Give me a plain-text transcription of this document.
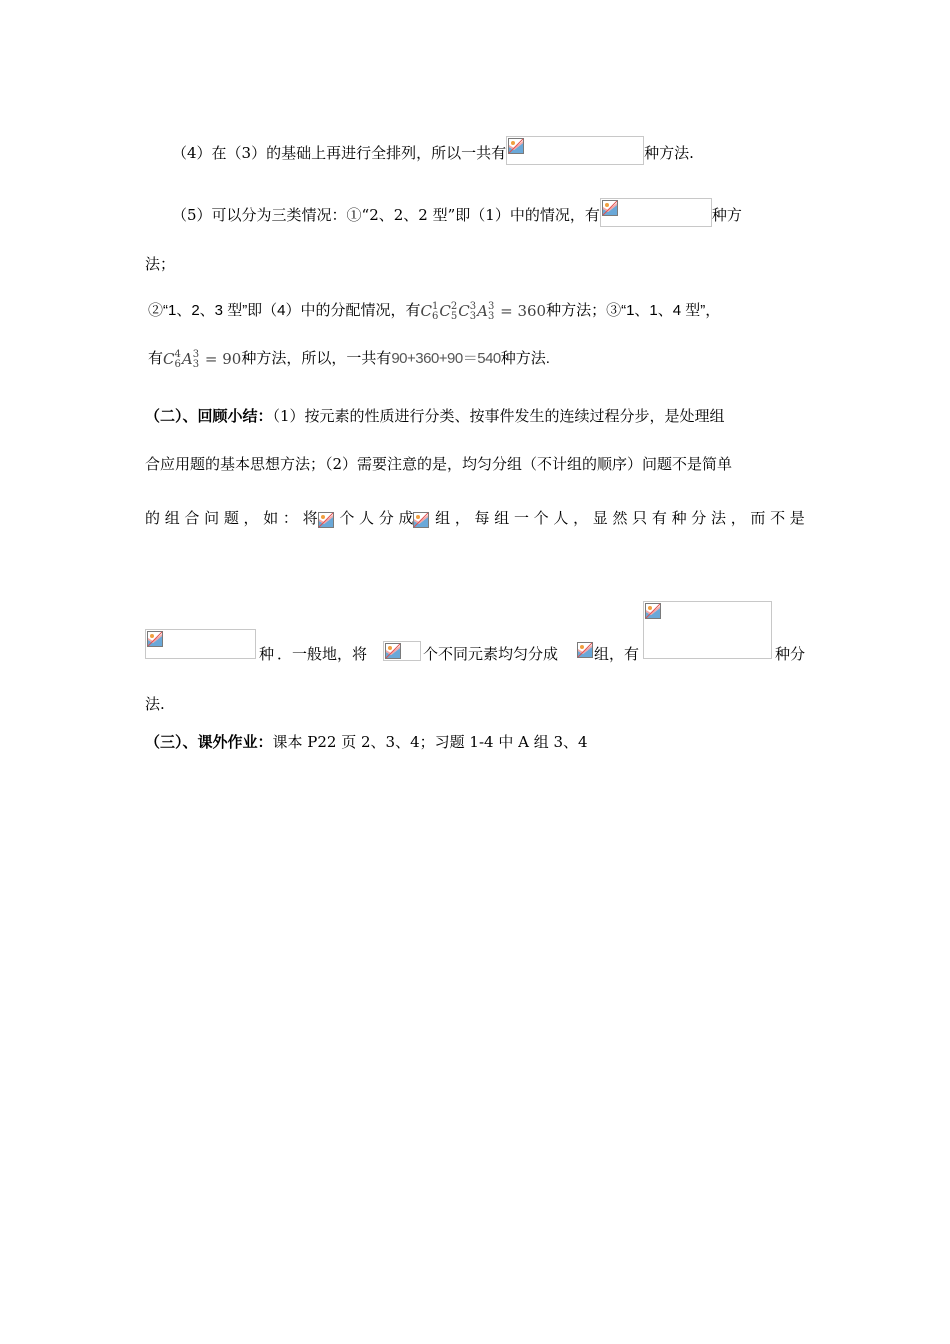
（4）在（3）的基础上再进行全排列，所以一共有	种方法.
（5）可以分为三类情况：①“2、2、2 型”即（1）中的情况，有	种方
法；
②“1、2、3 型”即（4）中的分配情况，有C 1
6 C 2
5 C 3
3 A 3
3 = 360种方法；③“1、1、4 型”，
有C 4
6 A 3
3 = 90种方法，所以，一共有90+360+90＝540种方法.
（二）、回顾小结：（1）按元素的性质进行分类、按事件发生的连续过程分步，是处理组
合应用题的基本思想方法；（2）需要注意的是，均匀分组（不计组的顺序）问题不是简单
的 组 合 问 题 ， 如 ： 将	个 人 分 成	组 ， 每 组 一 个 人 ， 显 然 只 有 种 分 法 ， 而 不 是
种 ．一般地，将	个不同元素均匀分成 组，有	种分
法.
（三）、课外作业：课本 P22 页 2、3、4；习题 1-4 中 A 组 3、4
